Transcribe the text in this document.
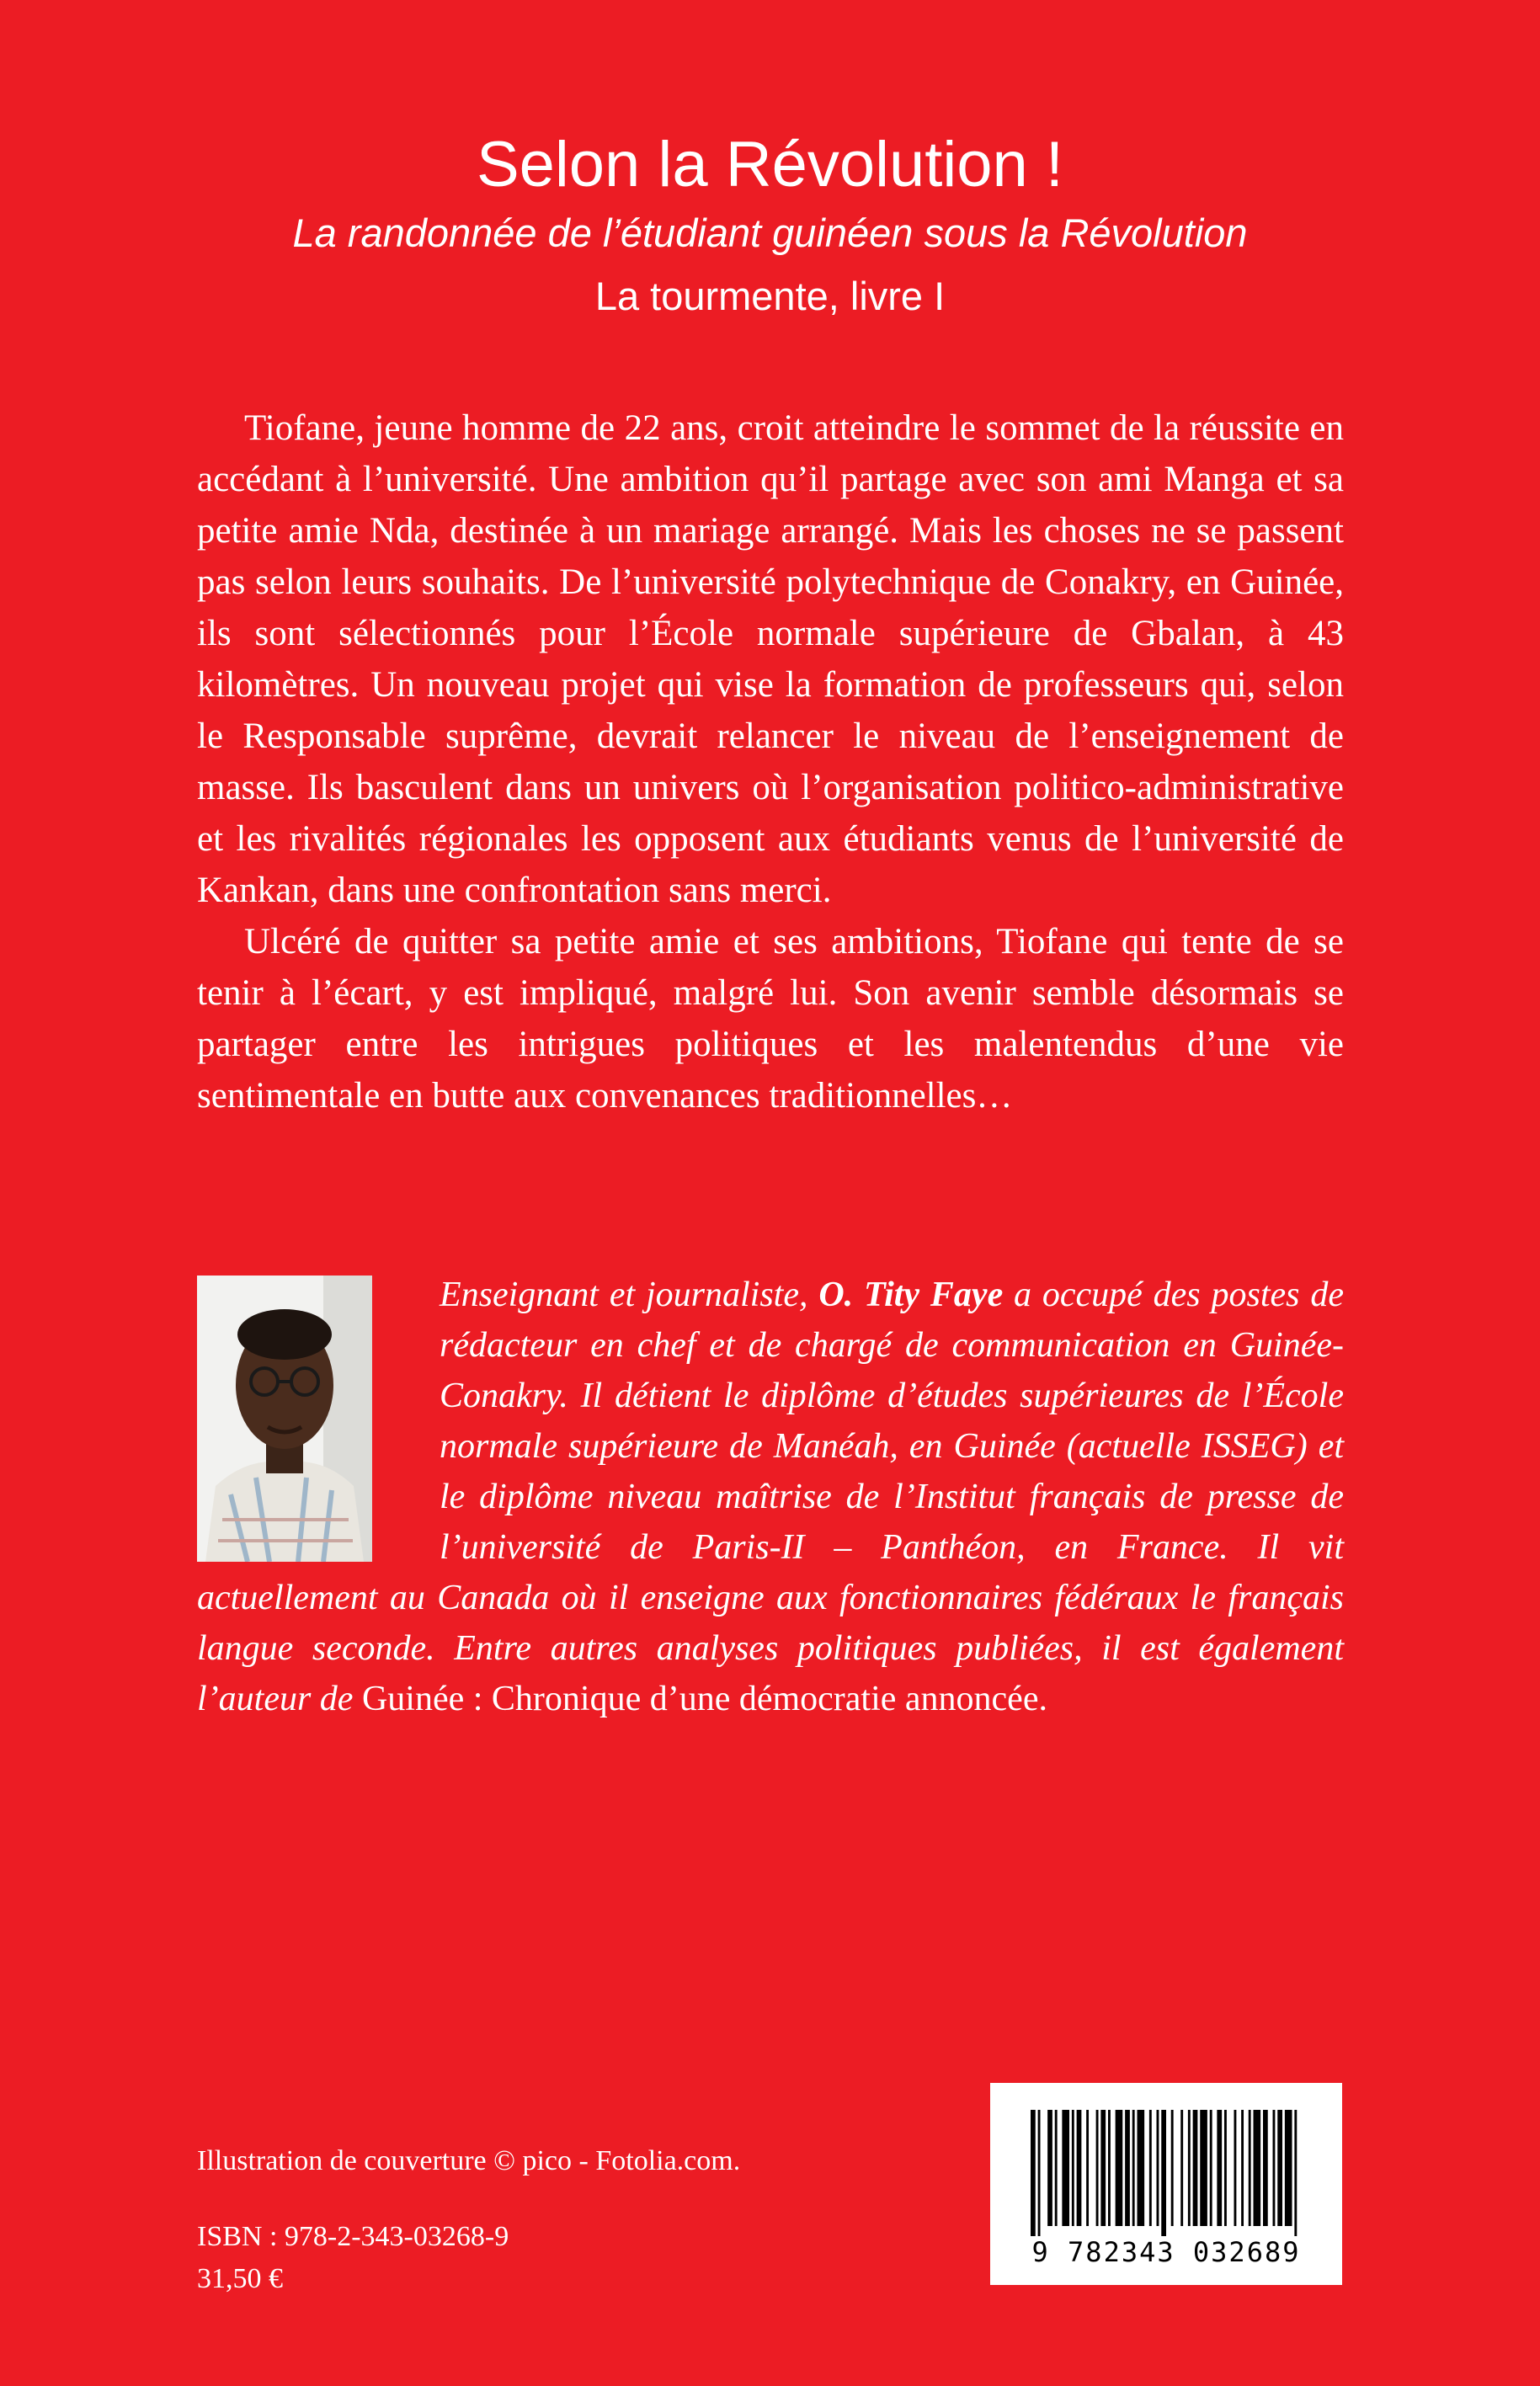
Selon la Révolution !
La randonnée de l’étudiant guinéen sous la Révolution
La tourmente, livre I

Tiofane, jeune homme de 22 ans, croit atteindre le sommet de la réussite en accédant à l’université. Une ambition qu’il partage avec son ami Manga et sa petite amie Nda, destinée à un mariage arrangé. Mais les choses ne se passent pas selon leurs souhaits. De l’université polytechnique de Conakry, en Guinée, ils sont sélectionnés pour l’École normale supérieure de Gbalan, à 43 kilomètres. Un nouveau projet qui vise la formation de professeurs qui, selon le Responsable suprême, devrait relancer le niveau de l’enseignement de masse. Ils basculent dans un univers où l’organisation politico-administrative et les rivalités régionales les opposent aux étudiants venus de l’université de Kankan, dans une confrontation sans merci.

Ulcéré de quitter sa petite amie et ses ambitions, Tiofane qui tente de se tenir à l’écart, y est impliqué, malgré lui. Son avenir semble désormais se partager entre les intrigues politiques et les malentendus d’une vie sentimentale en butte aux convenances traditionnelles…

Enseignant et journaliste, O. Tity Faye a occupé des postes de rédacteur en chef et de chargé de communication en Guinée-Conakry. Il détient le diplôme d’études supérieures de l’École normale supérieure de Manéah, en Guinée (actuelle ISSEG) et le diplôme niveau maîtrise de l’Institut français de presse de l’université de Paris-II – Panthéon, en France. Il vit actuellement au Canada où il enseigne aux fonctionnaires fédéraux le français langue seconde. Entre autres analyses politiques publiées, il est également l’auteur de Guinée : Chronique d’une démocratie annoncée.
Illustration de couverture © pico - Fotolia.com.
ISBN : 978-2-343-03268-9
31,50 €
9 782343 032689
